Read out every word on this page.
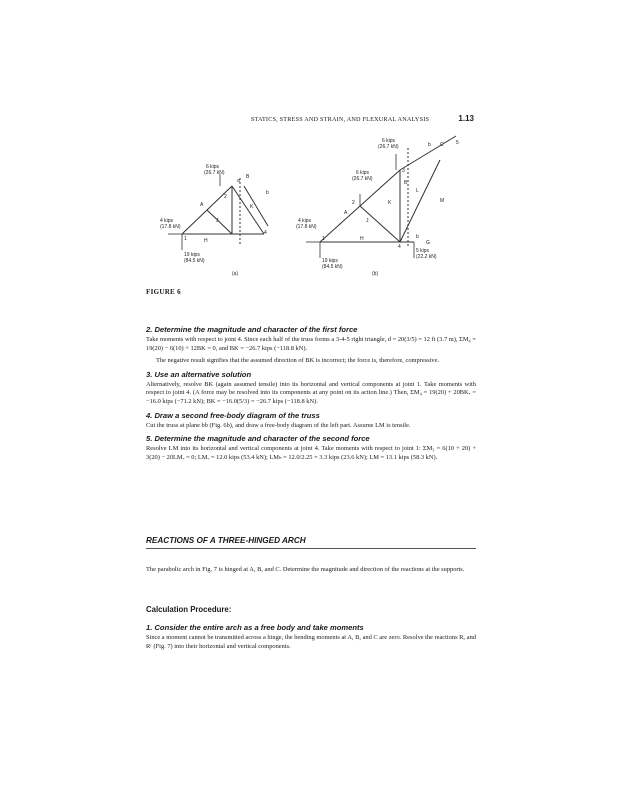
STATICS, STRESS AND STRAIN, AND FLEXURAL ANALYSIS	1.13
6 kips
(26.7 kN)
4 kips
(17.8 kN)
19 kips
(84.5 kN)
a
B
b
A
2
K
J
4
H
1
(a)
6 kips
(26.7 kN)
6 kips
(26.7 kN)
4 kips
(17.8 kN)
19 kips
(84.5 kN)
5 kips
(22.2 kN)
b C 5
3
B
A
2	K
L
M
J
4
H
G
b
1
(b)
FIGURE 6
2. Determine the magnitude and character of the first force

Take moments with respect to joint 4. Since each half of the truss forms a 3-4-5 right triangle, d = 20(3/5) = 12 ft (3.7 m), ΣM₄ = 19(20) − 6(10) + 12BK = 0, and BK = −26.7 kips (−118.8 kN).

The negative result signifies that the assumed direction of BK is incorrect; the force is, therefore, compressive.

3. Use an alternative solution

Alternatively, resolve BK (again assumed tensile) into its horizontal and vertical components at joint 1. Take moments with respect to joint 4. (A force may be resolved into its components at any point on its action line.) Then, ΣM₄ = 19(20) + 20BKᵥ = −16.0 kips (−71.2 kN); BK = −16.0(5/3) = −26.7 kips (−118.8 kN).

4. Draw a second free-body diagram of the truss

Cut the truss at plane bb (Fig. 6b), and draw a free-body diagram of the left part. Assume LM is tensile.

5. Determine the magnitude and character of the second force

Resolve LM into its horizontal and vertical components at joint 4. Take moments with respect to joint 1: ΣM₃ = 6(10 + 20) + 3(20) − 20LMᵥ = 0; LMᵥ = 12.0 kips (53.4 kN); LMₕ = 12.0/2.25 = 3.3 kips (23.6 kN); LM = 13.1 kips (58.3 kN).

REACTIONS OF A THREE-HINGED ARCH

The parabolic arch in Fig. 7 is hinged at A, B, and C. Determine the magnitude and direction of the reactions at the supports.

Calculation Procedure:
1. Consider the entire arch as a free body and take moments

Since a moment cannot be transmitted across a hinge, the bending moments at A, B, and C are zero. Resolve the reactions Rₐ and Rᶜ (Fig. 7) into their horizontal and vertical components.
